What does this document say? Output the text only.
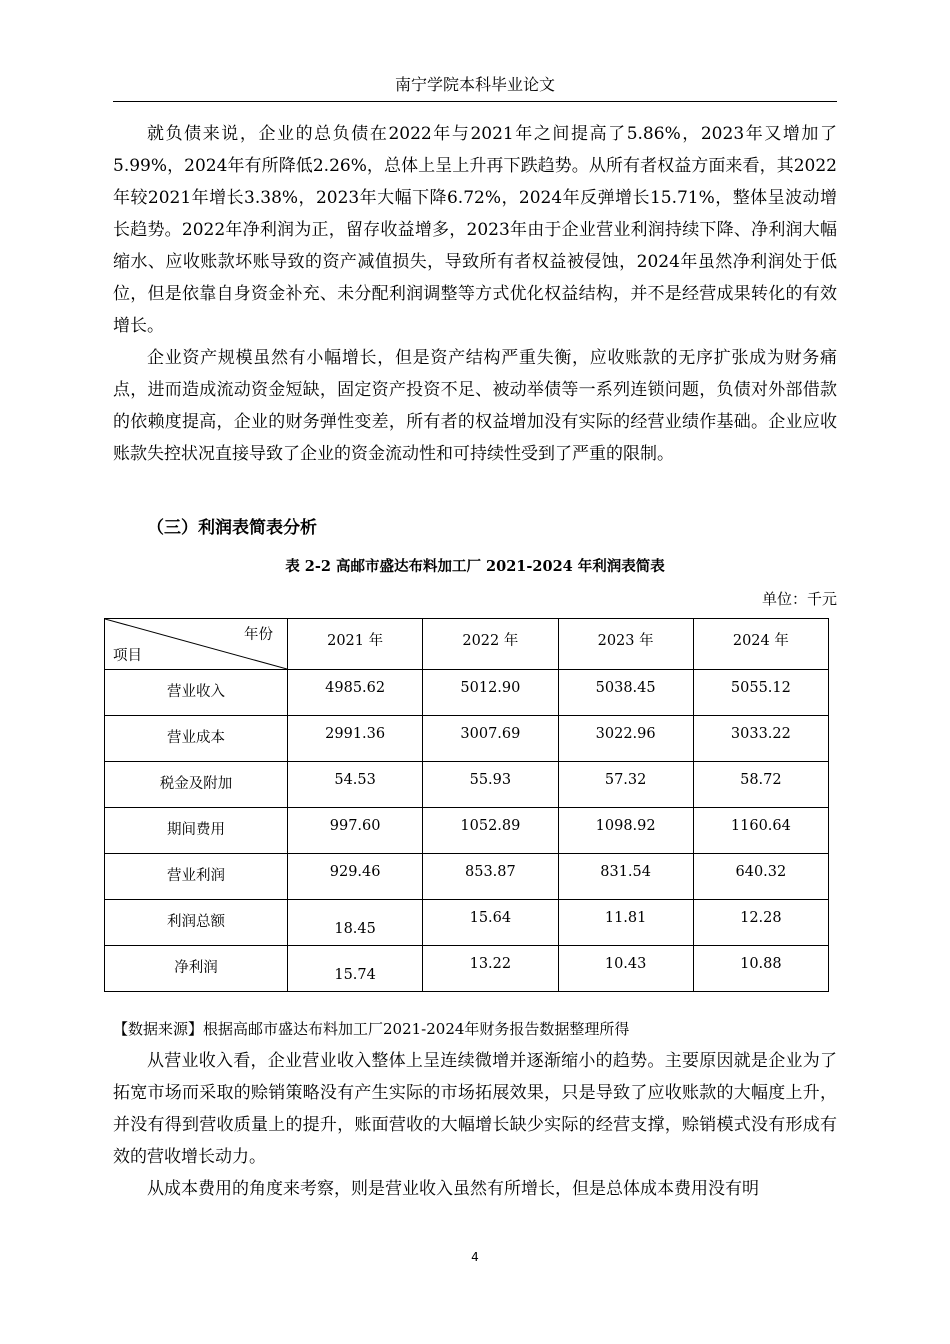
南宁学院本科毕业论文

就负债来说，企业的总负债在2022年与2021年之间提高了5.86%，2023年又增加了5.99%，2024年有所降低2.26%，总体上呈上升再下跌趋势。从所有者权益方面来看，其2022年较2021年增长3.38%，2023年大幅下降6.72%，2024年反弹增长15.71%，整体呈波动增长趋势。2022年净利润为正，留存收益增多，2023年由于企业营业利润持续下降、净利润大幅缩水、应收账款坏账导致的资产减值损失，导致所有者权益被侵蚀，2024年虽然净利润处于低位，但是依靠自身资金补充、未分配利润调整等方式优化权益结构，并不是经营成果转化的有效增长。

企业资产规模虽然有小幅增长，但是资产结构严重失衡，应收账款的无序扩张成为财务痛点，进而造成流动资金短缺，固定资产投资不足、被动举债等一系列连锁问题，负债对外部借款的依赖度提高，企业的财务弹性变差，所有者的权益增加没有实际的经营业绩作基础。企业应收账款失控状况直接导致了企业的资金流动性和可持续性受到了严重的限制。

（三）利润表简表分析
表 2-2 高邮市盛达布料加工厂 2021-2024 年利润表简表
单位：千元
年份
项目	2021 年	2022 年	2023 年	2024 年
营业收入	4985.62	5012.90	5038.45	5055.12
营业成本	2991.36	3007.69	3022.96	3033.22
税金及附加	54.53	55.93	57.32	58.72
期间费用	997.60	1052.89	1098.92	1160.64
营业利润	929.46	853.87	831.54	640.32
利润总额	18.45	15.64	11.81	12.28
净利润	15.74	13.22	10.43	10.88
【数据来源】根据高邮市盛达布料加工厂2021-2024年财务报告数据整理所得

从营业收入看，企业营业收入整体上呈连续微增并逐渐缩小的趋势。主要原因就是企业为了拓宽市场而采取的赊销策略没有产生实际的市场拓展效果，只是导致了应收账款的大幅度上升，并没有得到营收质量上的提升，账面营收的大幅增长缺少实际的经营支撑，赊销模式没有形成有效的营收增长动力。

从成本费用的角度来考察，则是营业收入虽然有所增长，但是总体成本费用没有明

4
